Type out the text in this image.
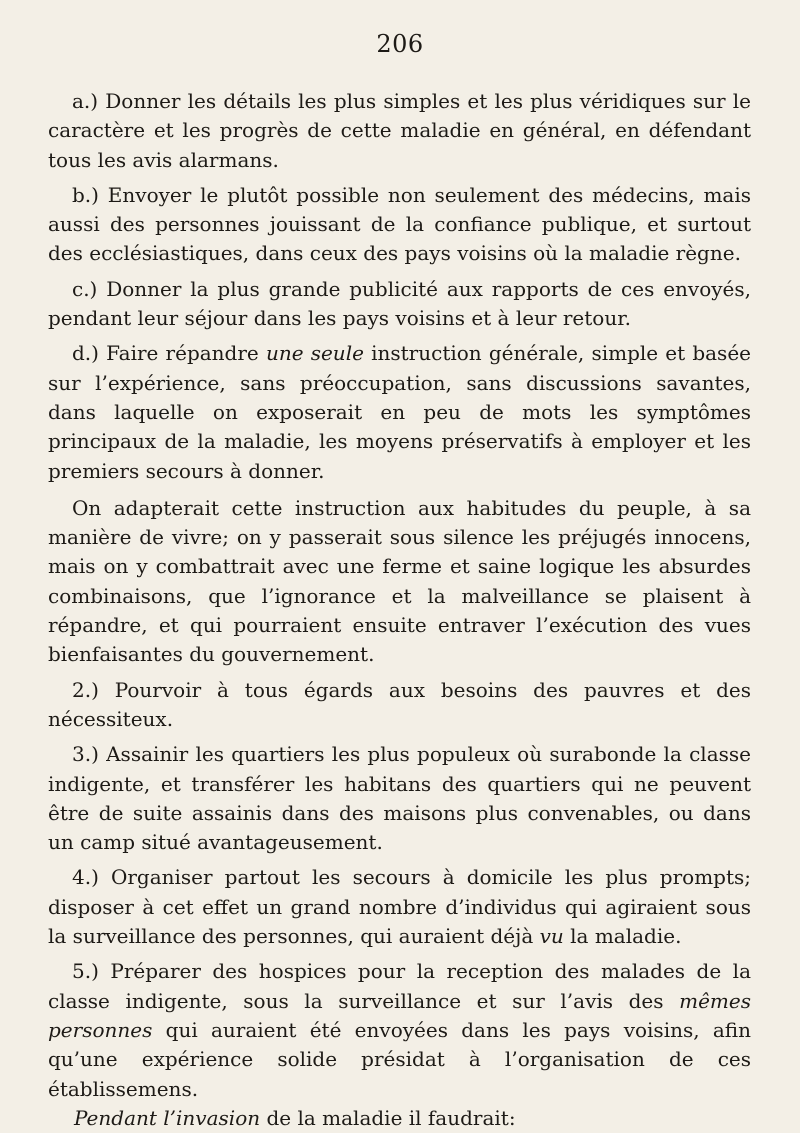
206

a.) Donner les détails les plus simples et les plus véridiques sur le caractère et les progrès de cette maladie en général, en défendant tous les avis alarmans.

b.) Envoyer le plutôt possible non seulement des médecins, mais aussi des personnes jouissant de la confiance publique, et surtout des ecclésiastiques, dans ceux des pays voisins où la maladie règne.

c.) Donner la plus grande publicité aux rapports de ces envoyés, pendant leur séjour dans les pays voisins et à leur retour.

d.) Faire répandre une seule instruction générale, simple et basée sur l’expérience, sans préoccupation, sans discussions savantes, dans laquelle on exposerait en peu de mots les symptômes principaux de la maladie, les moyens préservatifs à employer et les premiers secours à donner.

On adapterait cette instruction aux habitudes du peuple, à sa manière de vivre; on y passerait sous silence les préjugés innocens, mais on y combattrait avec une ferme et saine logique les absurdes combinaisons, que l’ignorance et la malveillance se plaisent à répandre, et qui pourraient ensuite entraver l’exécution des vues bienfaisantes du gouvernement.

2.) Pourvoir à tous égards aux besoins des pauvres et des nécessiteux.

3.) Assainir les quartiers les plus populeux où surabonde la classe indigente, et transférer les habitans des quartiers qui ne peuvent être de suite assainis dans des maisons plus convenables, ou dans un camp situé avantageusement.

4.) Organiser partout les secours à domicile les plus prompts; disposer à cet effet un grand nombre d’individus qui agiraient sous la surveillance des personnes, qui auraient déjà vu la maladie.

5.) Préparer des hospices pour la reception des malades de la classe indigente, sous la surveillance et sur l’avis des mêmes personnes qui auraient été envoyées dans les pays voisins, afin qu’une expérience solide présidat à l’organisation de ces établissemens.

Pendant l’invasion de la maladie il faudrait:
